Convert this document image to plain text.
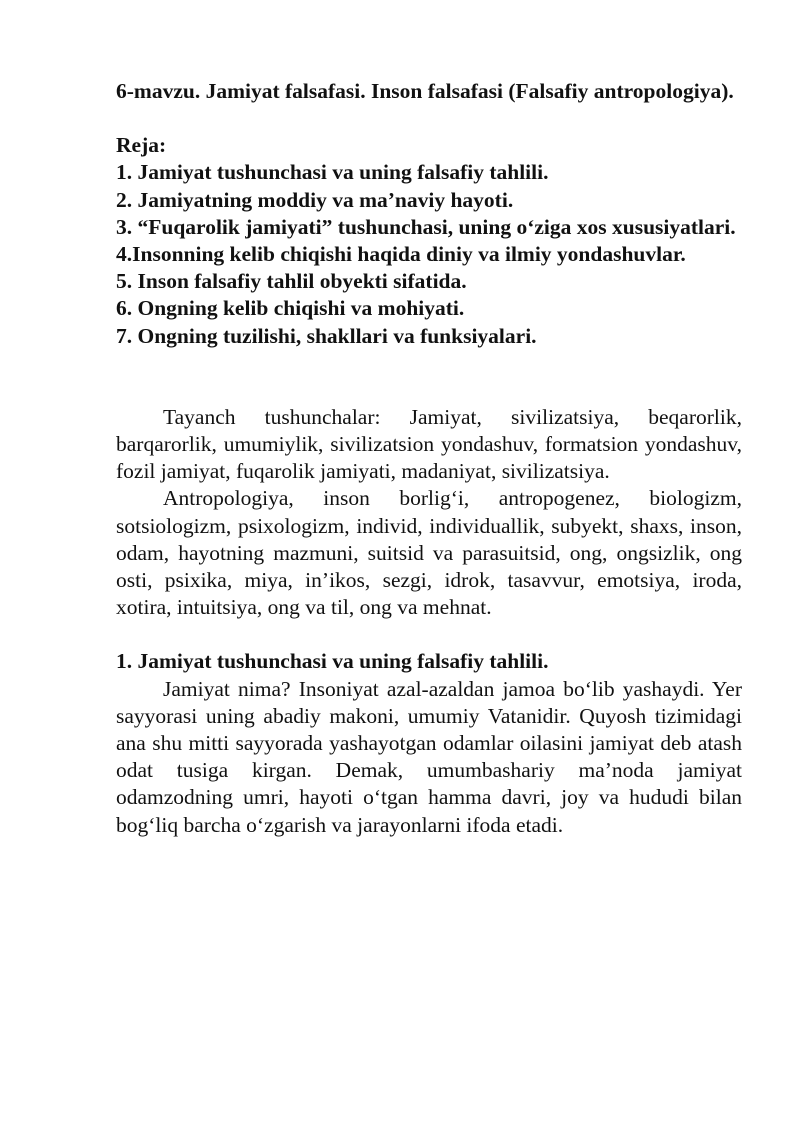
6-mavzu. Jamiyat falsafasi. Inson falsafasi (Falsafiy antropologiya).

Reja:
1. Jamiyat tushunchasi va uning falsafiy tahlili.
2. Jamiyatning moddiy va ma’naviy hayoti.
3. “Fuqarolik jamiyati” tushunchasi, uning o‘ziga xos xususiyatlari.
4.Insonning kelib chiqishi haqida diniy va ilmiy yondashuvlar.
5. Inson falsafiy tahlil obyekti sifatida.
6. Ongning kelib chiqishi va mohiyati.
7. Ongning tuzilishi, shakllari va funksiyalari.

Tayanch tushunchalar: Jamiyat, sivilizatsiya, beqarorlik, barqarorlik, umumiylik, sivilizatsion yondashuv, formatsion yondashuv, fozil jamiyat, fuqarolik jamiyati, madaniyat, sivilizatsiya.

Antropologiya, inson borlig‘i, antropogenez, biologizm, sotsiologizm, psixologizm, individ, individuallik, subyekt, shaxs, inson, odam, hayotning mazmuni, suitsid va parasuitsid, ong, ongsizlik, ong osti, psixika, miya, in’ikos, sezgi, idrok, tasavvur, emotsiya, iroda, xotira, intuitsiya, ong va til, ong va mehnat.

1. Jamiyat tushunchasi va uning falsafiy tahlili.

Jamiyat nima? Insoniyat azal-azaldan jamoa bo‘lib yashaydi. Yer sayyorasi uning abadiy makoni, umumiy Vatanidir. Quyosh tizimidagi ana shu mitti sayyorada yashayotgan odamlar oilasini jamiyat deb atash odat tusiga kirgan. Demak, umumbashariy ma’noda jamiyat odamzodning umri, hayoti o‘tgan hamma davri, joy va hududi bilan bog‘liq barcha o‘zgarish va jarayonlarni ifoda etadi.
